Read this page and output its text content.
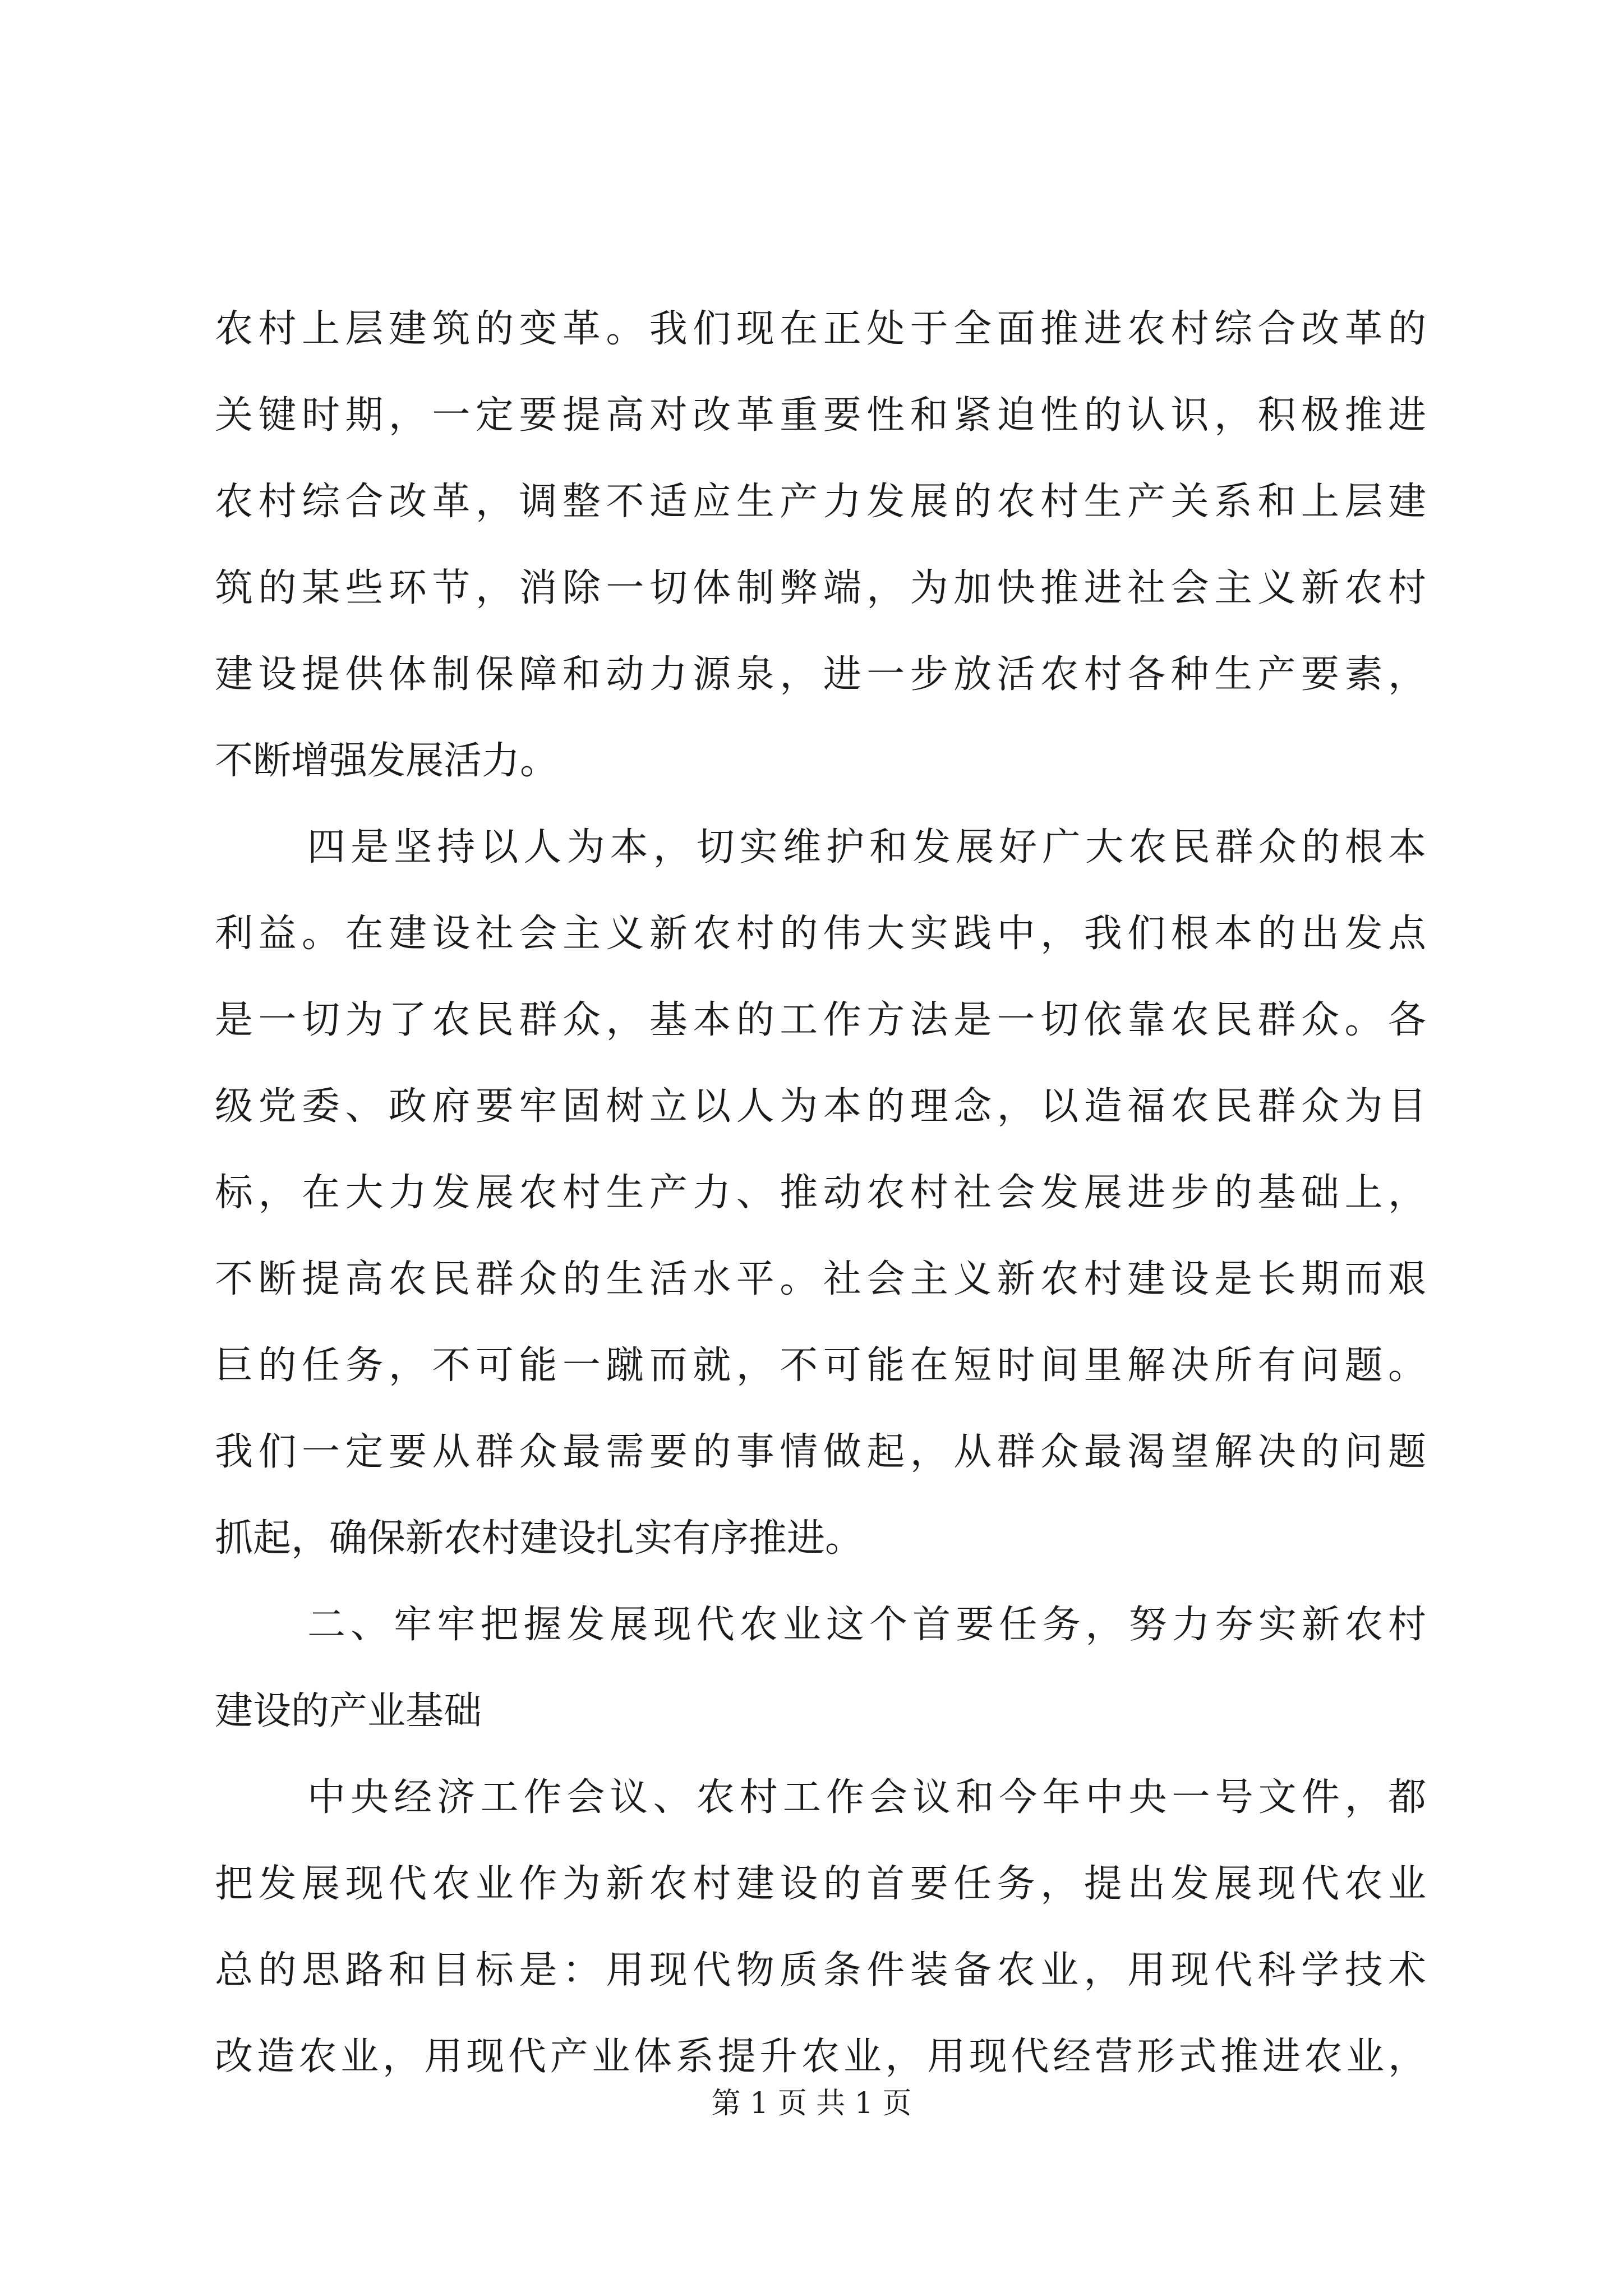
农村上层建筑的变革。我们现在正处于全面推进农村综合改革的
关键时期，一定要提高对改革重要性和紧迫性的认识，积极推进
农村综合改革，调整不适应生产力发展的农村生产关系和上层建
筑的某些环节，消除一切体制弊端，为加快推进社会主义新农村
建设提供体制保障和动力源泉，进一步放活农村各种生产要素，
不断增强发展活力。
四是坚持以人为本，切实维护和发展好广大农民群众的根本
利益。在建设社会主义新农村的伟大实践中，我们根本的出发点
是一切为了农民群众，基本的工作方法是一切依靠农民群众。各
级党委、政府要牢固树立以人为本的理念，以造福农民群众为目
标，在大力发展农村生产力、推动农村社会发展进步的基础上，
不断提高农民群众的生活水平。社会主义新农村建设是长期而艰
巨的任务，不可能一蹴而就，不可能在短时间里解决所有问题。
我们一定要从群众最需要的事情做起，从群众最渴望解决的问题
抓起，确保新农村建设扎实有序推进。
二、牢牢把握发展现代农业这个首要任务，努力夯实新农村
建设的产业基础
中央经济工作会议、农村工作会议和今年中央一号文件，都
把发展现代农业作为新农村建设的首要任务，提出发展现代农业
总的思路和目标是：用现代物质条件装备农业，用现代科学技术
改造农业，用现代产业体系提升农业，用现代经营形式推进农业，
第 1 页 共 1 页
